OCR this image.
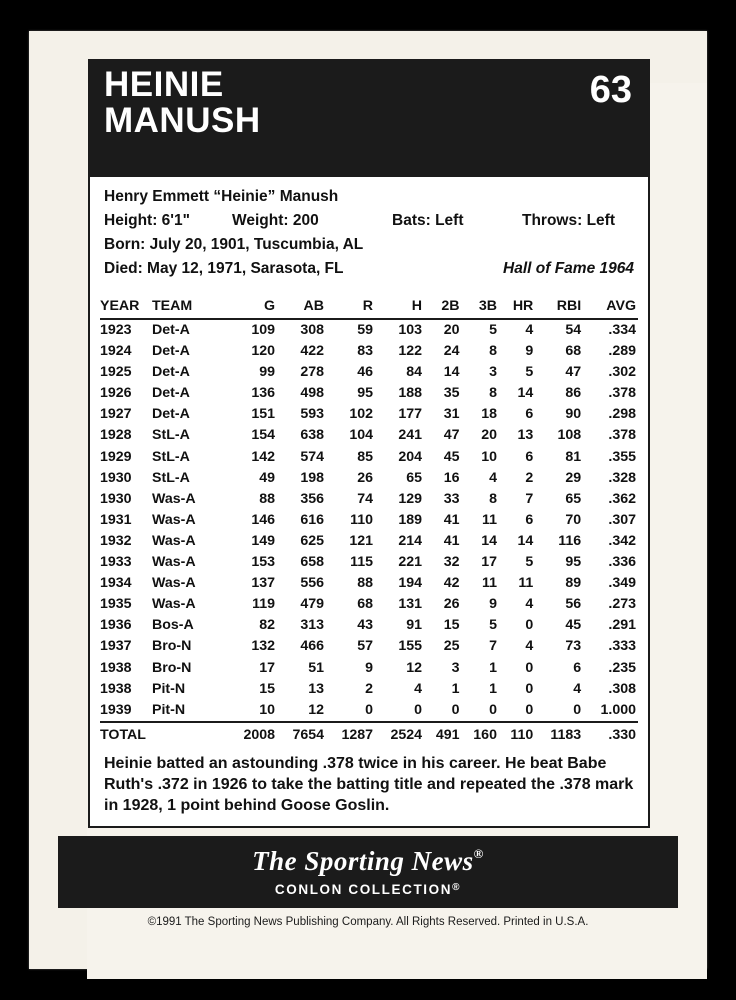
HEINIE
MANUSH
63
Henry Emmett “Heinie” Manush
Height: 6'1"	Weight: 200	Bats: Left	Throws: Left
Born: July 20, 1901, Tuscumbia, AL
Died: May 12, 1971, Sarasota, FL	Hall of Fame 1964
YEAR	TEAM	G	AB	R	H	2B	3B	HR	RBI	AVG
1923	Det-A	109	308	59	103	20	5	4	54	.334
1924	Det-A	120	422	83	122	24	8	9	68	.289
1925	Det-A	99	278	46	84	14	3	5	47	.302
1926	Det-A	136	498	95	188	35	8	14	86	.378
1927	Det-A	151	593	102	177	31	18	6	90	.298
1928	StL-A	154	638	104	241	47	20	13	108	.378
1929	StL-A	142	574	85	204	45	10	6	81	.355
1930	StL-A	49	198	26	65	16	4	2	29	.328
1930	Was-A	88	356	74	129	33	8	7	65	.362
1931	Was-A	146	616	110	189	41	11	6	70	.307
1932	Was-A	149	625	121	214	41	14	14	116	.342
1933	Was-A	153	658	115	221	32	17	5	95	.336
1934	Was-A	137	556	88	194	42	11	11	89	.349
1935	Was-A	119	479	68	131	26	9	4	56	.273
1936	Bos-A	82	313	43	91	15	5	0	45	.291
1937	Bro-N	132	466	57	155	25	7	4	73	.333
1938	Bro-N	17	51	9	12	3	1	0	6	.235
1938	Pit-N	15	13	2	4	1	1	0	4	.308
1939	Pit-N	10	12	0	0	0	0	0	0	1.000
TOTAL		2008	7654	1287	2524	491	160	110	1183	.330
Heinie batted an astounding .378 twice in his career. He beat Babe Ruth's .372 in 1926 to take the batting title and repeated the .378 mark in 1928, 1 point behind Goose Goslin.
The Sporting News®
CONLON COLLECTION®
©1991 The Sporting News Publishing Company. All Rights Reserved. Printed in U.S.A.
